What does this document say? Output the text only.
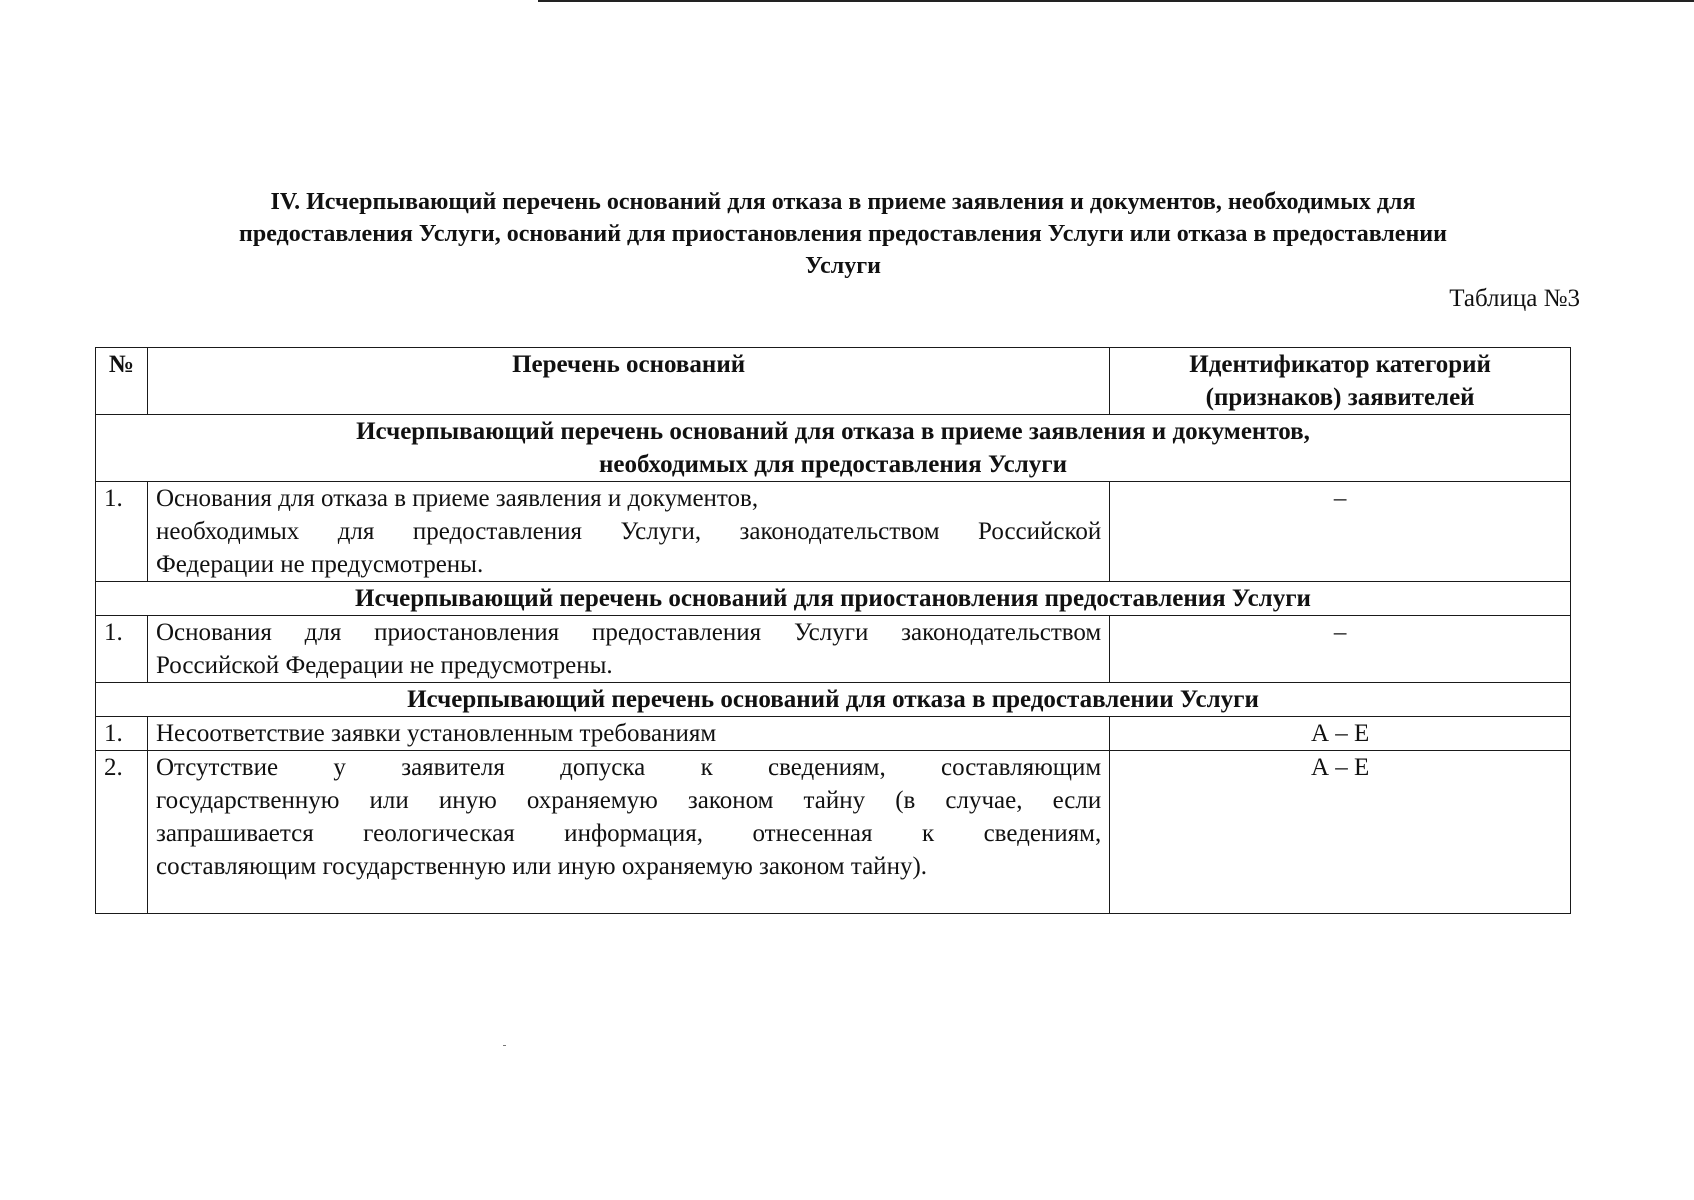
IV. Исчерпывающий перечень оснований для отказа в приеме заявления и документов, необходимых для
предоставления Услуги, оснований для приостановления предоставления Услуги или отказа в предоставлении
Услуги
Таблица №3
№	Перечень оснований	Идентификатор категорий
(признаков) заявителей

Исчерпывающий перечень оснований для отказа в приеме заявления и документов,
необходимых для предоставления Услуги		

1.	Основания для отказа в приеме заявления и документов,
необходимых для предоставления Услуги, законодательством Российской
Федерации не предусмотрены.	–

Исчерпывающий перечень оснований для приостановления предоставления Услуги		

1.	Основания для приостановления предоставления Услуги законодательством
Российской Федерации не предусмотрены.	–

Исчерпывающий перечень оснований для отказа в предоставлении Услуги		

1.	Несоответствие заявки установленным требованиям	А – Е
2.	Отсутствие у заявителя допуска к сведениям, составляющим
государственную или иную охраняемую законом тайну (в случае, если
запрашивается геологическая информация, отнесенная к сведениям,
составляющим государственную или иную охраняемую законом тайну).	А – Е
